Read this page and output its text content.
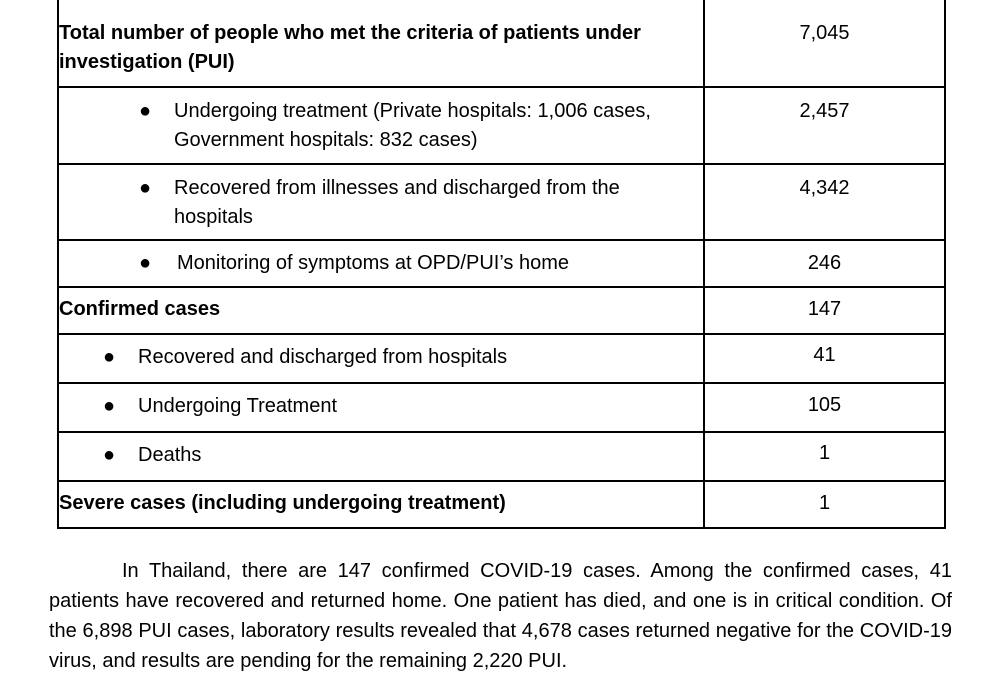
Total number of people who met the criteria of patients under investigation (PUI)	7,045

● Undergoing treatment (Private hospitals: 1,006 cases, Government hospitals: 832 cases)	2,457

● Recovered from illnesses and discharged from the hospitals	4,342

● Monitoring of symptoms at OPD/PUI’s home	246
Confirmed cases	147

● Recovered and discharged from hospitals	41

● Undergoing Treatment	105

● Deaths	1
Severe cases (including undergoing treatment)	1

In Thailand, there are 147 confirmed COVID-19 cases. Among the confirmed cases, 41 patients have recovered and returned home. One patient has died, and one is in critical condition. Of the 6,898 PUI cases, laboratory results revealed that 4,678 cases returned negative for the COVID-19 virus, and results are pending for the remaining 2,220 PUI.
